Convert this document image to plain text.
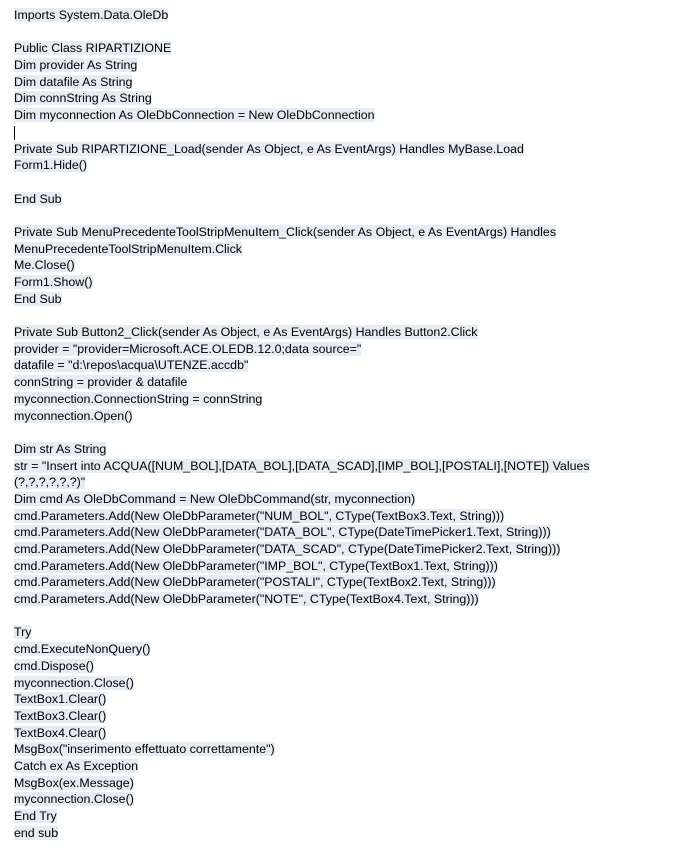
Imports System.Data.OleDb
Public Class RIPARTIZIONE
Dim provider As String
Dim datafile As String
Dim connString As String
Dim myconnection As OleDbConnection = New OleDbConnection
Private Sub RIPARTIZIONE_Load(sender As Object, e As EventArgs) Handles MyBase.Load
Form1.Hide()
End Sub
Private Sub MenuPrecedenteToolStripMenuItem_Click(sender As Object, e As EventArgs) Handles
MenuPrecedenteToolStripMenuItem.Click
Me.Close()
Form1.Show()
End Sub
Private Sub Button2_Click(sender As Object, e As EventArgs) Handles Button2.Click
provider = "provider=Microsoft.ACE.OLEDB.12.0;data source="
datafile = "d:\repos\acqua\UTENZE.accdb"
connString = provider & datafile
myconnection.ConnectionString = connString
myconnection.Open()
Dim str As String
str = "Insert into ACQUA([NUM_BOL],[DATA_BOL],[DATA_SCAD],[IMP_BOL],[POSTALI],[NOTE]) Values
(?,?,?,?,?,?)"
Dim cmd As OleDbCommand = New OleDbCommand(str, myconnection)
cmd.Parameters.Add(New OleDbParameter("NUM_BOL", CType(TextBox3.Text, String)))
cmd.Parameters.Add(New OleDbParameter("DATA_BOL", CType(DateTimePicker1.Text, String)))
cmd.Parameters.Add(New OleDbParameter("DATA_SCAD", CType(DateTimePicker2.Text, String)))
cmd.Parameters.Add(New OleDbParameter("IMP_BOL", CType(TextBox1.Text, String)))
cmd.Parameters.Add(New OleDbParameter("POSTALI", CType(TextBox2.Text, String)))
cmd.Parameters.Add(New OleDbParameter("NOTE", CType(TextBox4.Text, String)))
Try
cmd.ExecuteNonQuery()
cmd.Dispose()
myconnection.Close()
TextBox1.Clear()
TextBox3.Clear()
TextBox4.Clear()
MsgBox("inserimento effettuato correttamente")
Catch ex As Exception
MsgBox(ex.Message)
myconnection.Close()
End Try
end sub
